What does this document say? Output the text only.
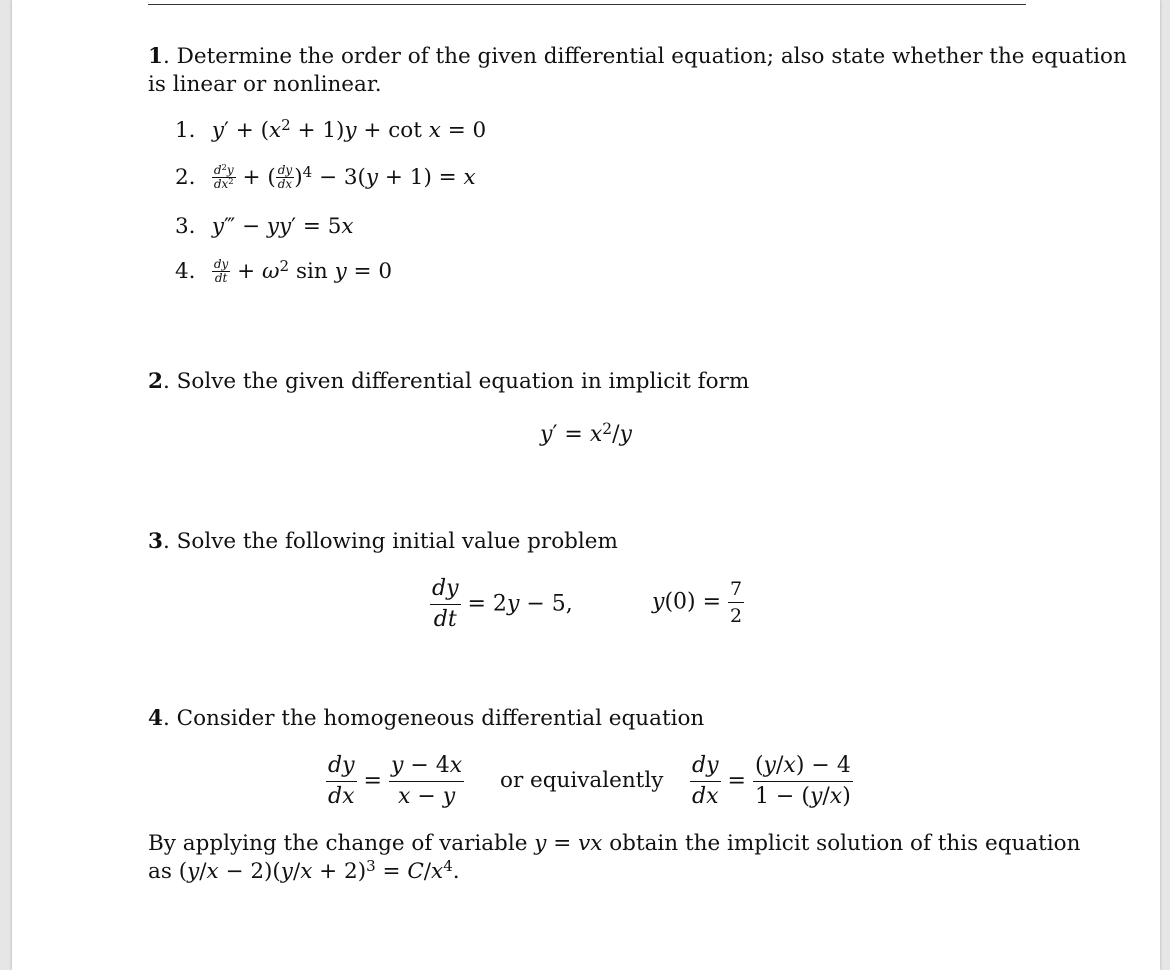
1. Determine the order of the given differential equation; also state whether the equation
is linear or nonlinear.
1. $y' + (x^2 + 1)y + \cot x = 0$
2. $\frac{d^2y}{dx^2}$ + ( $\frac{dy}{dx} )^4 - 3(y + 1) = x$
3. y‴ − yy′ = 5x
4. $\frac{dy}{dt} + \omega^2$ sin y = 0
2. Solve the given differential equation in implicit form
$y' = x^2/y$
3. Solve the following initial value problem
$\frac{dy}{dt} = 2y - 5$,	$y(0) = \frac{7}{2}$
4. Consider the homogeneous differential equation
$\frac{dy}{dx} = \frac{y - 4x}{x - y}$ or equivalently $\frac{dy}{dx} = \frac{(y/x) - 4}{1 - (y/x)}$
By applying the change of variable y = vx obtain the implicit solution of this equation
as $(y/x - 2)(y/x + 2)^3 = C/x^4$.
